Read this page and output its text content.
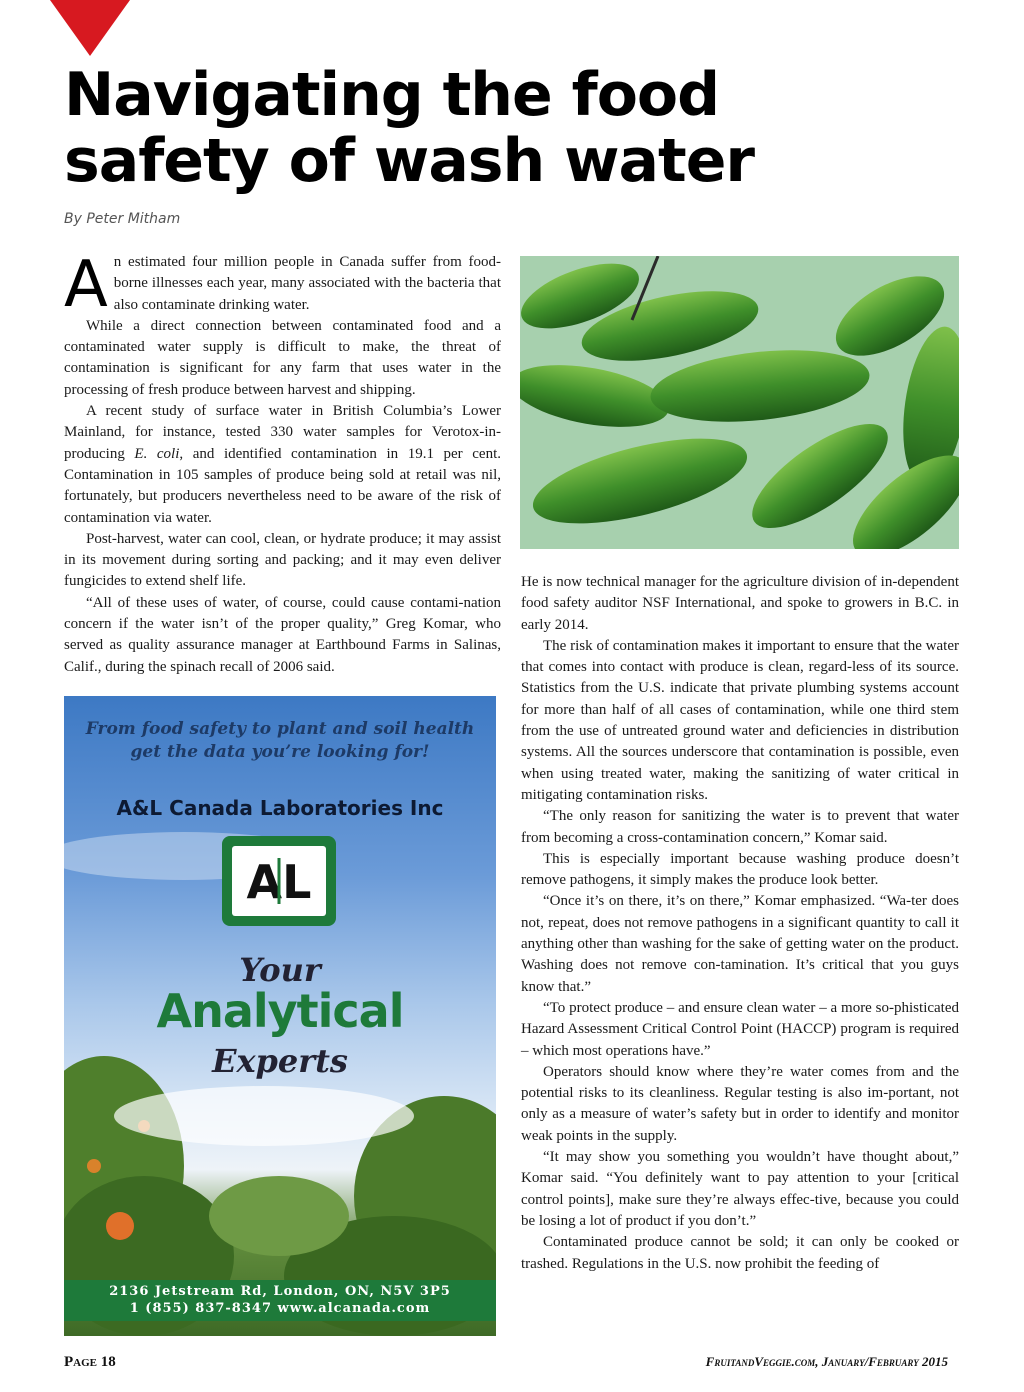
Navigating the food
safety of wash water

By Peter Mitham

An estimated four million people in Canada suffer from food-borne illnesses each year, many associated with the bacteria that also contaminate drinking water.

While a direct connection between contaminated food and a contaminated water supply is difficult to make, the threat of contamination is significant for any farm that uses water in the processing of fresh produce between harvest and shipping.

A recent study of surface water in British Columbia’s Lower Mainland, for instance, tested 330 water samples for Verotox-in-producing E. coli, and identified contamination in 19.1 per cent. Contamination in 105 samples of produce being sold at retail was nil, fortunately, but producers nevertheless need to be aware of the risk of contamination via water.

Post-harvest, water can cool, clean, or hydrate produce; it may assist in its movement during sorting and packing; and it may even deliver fungicides to extend shelf life.

“All of these uses of water, of course, could cause contami-nation concern if the water isn’t of the proper quality,” Greg Komar, who served as quality assurance manager at Earthbound Farms in Salinas, Calif., during the spinach recall of 2006 said.

From food safety to plant and soil health
get the data you’re looking for!

A&L Canada Laboratories Inc

AL

Your

Analytical

Experts

2136 Jetstream Rd, London, ON, N5V 3P5
1 (855) 837-8347 www.alcanada.com

He is now technical manager for the agriculture division of in-dependent food safety auditor NSF International, and spoke to growers in B.C. in early 2014.

The risk of contamination makes it important to ensure that the water that comes into contact with produce is clean, regard-less of its source. Statistics from the U.S. indicate that private plumbing systems account for more than half of all cases of contamination, while one third stem from the use of untreated ground water and deficiencies in distribution systems. All the sources underscore that contamination is possible, even when using treated water, making the sanitizing of water critical in mitigating contamination risks.

“The only reason for sanitizing the water is to prevent that water from becoming a cross-contamination concern,” Komar said.

This is especially important because washing produce doesn’t remove pathogens, it simply makes the produce look better.

“Once it’s on there, it’s on there,” Komar emphasized. “Wa-ter does not, repeat, does not remove pathogens in a significant quantity to call it anything other than washing for the sake of getting water on the product. Washing does not remove con-tamination. It’s critical that you guys know that.”

“To protect produce – and ensure clean water – a more so-phisticated Hazard Assessment Critical Control Point (HACCP) program is required – which most operations have.”

Operators should know where they’re water comes from and the potential risks to its cleanliness. Regular testing is also im-portant, not only as a measure of water’s safety but in order to identify and monitor weak points in the supply.

“It may show you something you wouldn’t have thought about,” Komar said. “You definitely want to pay attention to your [critical control points], make sure they’re always effec-tive, because you could be losing a lot of product if you don’t.”

Contaminated produce cannot be sold; it can only be cooked or trashed. Regulations in the U.S. now prohibit the feeding of

Page 18	FruitandVeggie.com, January/February 2015
